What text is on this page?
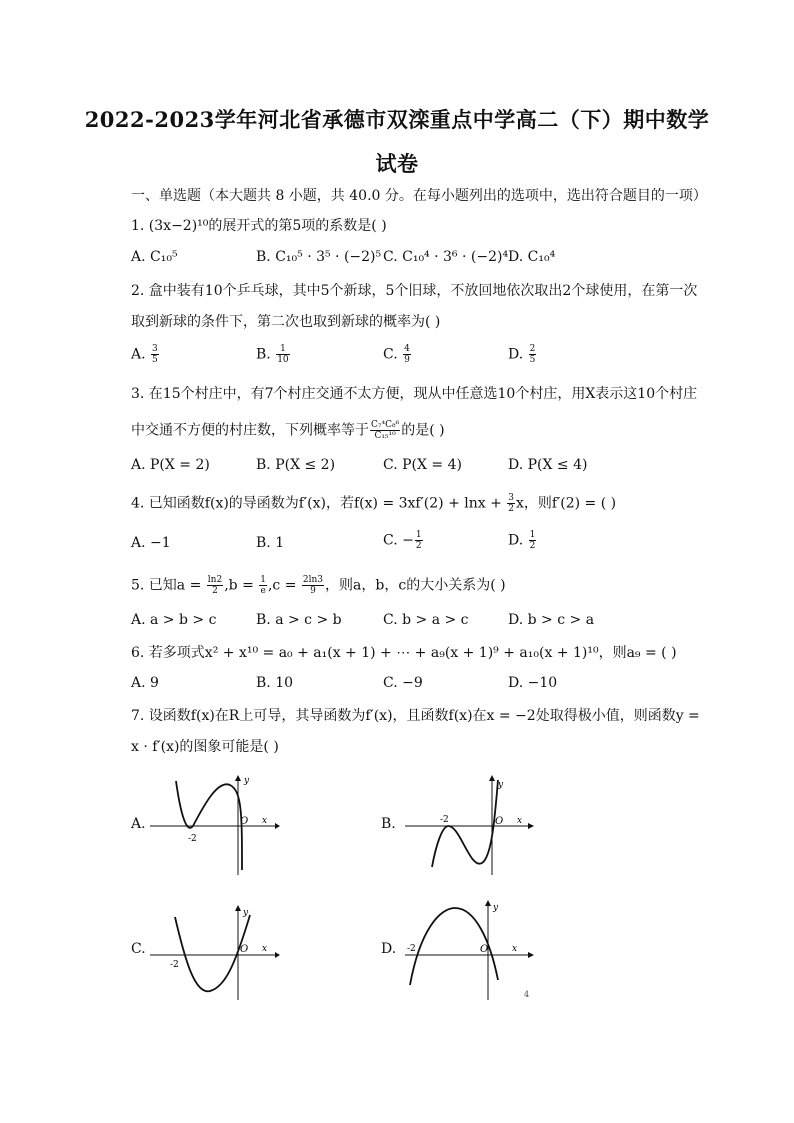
2022-2023学年河北省承德市双滦重点中学高二（下）期中数学
试卷
一、单选题（本大题共 8 小题，共 40.0 分。在每小题列出的选项中，选出符合题目的一项）
1. (3x−2)¹⁰的展开式的第5项的系数是( )
A. C₁₀⁵	B. C₁₀⁵ · 3⁵ · (−2)⁵ C. C₁₀⁴ · 3⁶ · (−2)⁴ D. C₁₀⁴
2. 盒中装有10个乒乓球，其中5个新球，5个旧球，不放回地依次取出2个球使用，在第一次
取到新球的条件下，第二次也取到新球的概率为( )
A. $\frac{3}{5}$	B. $\frac{1}{10}$	C. $\frac{4}{9}$	D. $\frac{2}{5}$
3. 在15个村庄中，有7个村庄交通不太方便，现从中任意选10个村庄，用X表示这10个村庄
中交通不方便的村庄数，下列概率等于 $\frac{\text{C₇⁴C₈⁶}}{\text{C₁₅¹⁰}}$ 的是( )
A. P(X = 2)	B. P(X ≤ 2)	C. P(X = 4)	D. P(X ≤ 4)
4. 已知函数f(x)的导函数为f′(x)，若$f(x) = 3xf'(2) + \ln x + \frac{3}{2}$ x，则f′(2) = ( )
A. −1	B. 1	C. − $\frac{1}{2}$	D. $\frac{1}{2}$
5. 已知$a = \frac{\ln 2}{2} ,b = \frac{1}{e} ,c = \frac{2\ln 3}{9}$ ，则a，b，c的大小关系为( )
A. a > b > c	B. a > c > b	C. b > a > c	D. b > c > a
6. 若多项式x² + x¹⁰ = a₀ + a₁(x + 1) + ⋯ + a₉(x + 1)⁹ + a₁₀(x + 1)¹⁰，则a₉ = ( )
A. 9	B. 10	C. −9	D. −10
7. 设函数f(x)在R上可导，其导函数为f′(x)，且函数f(x)在x = −2处取得极小值，则函数y =
x · f′(x)的图象可能是( )
A.
y
x
O
-2
B.
y
x
O
-2
C.
y
x
O
-2
D.
y
x
O
-2
4
